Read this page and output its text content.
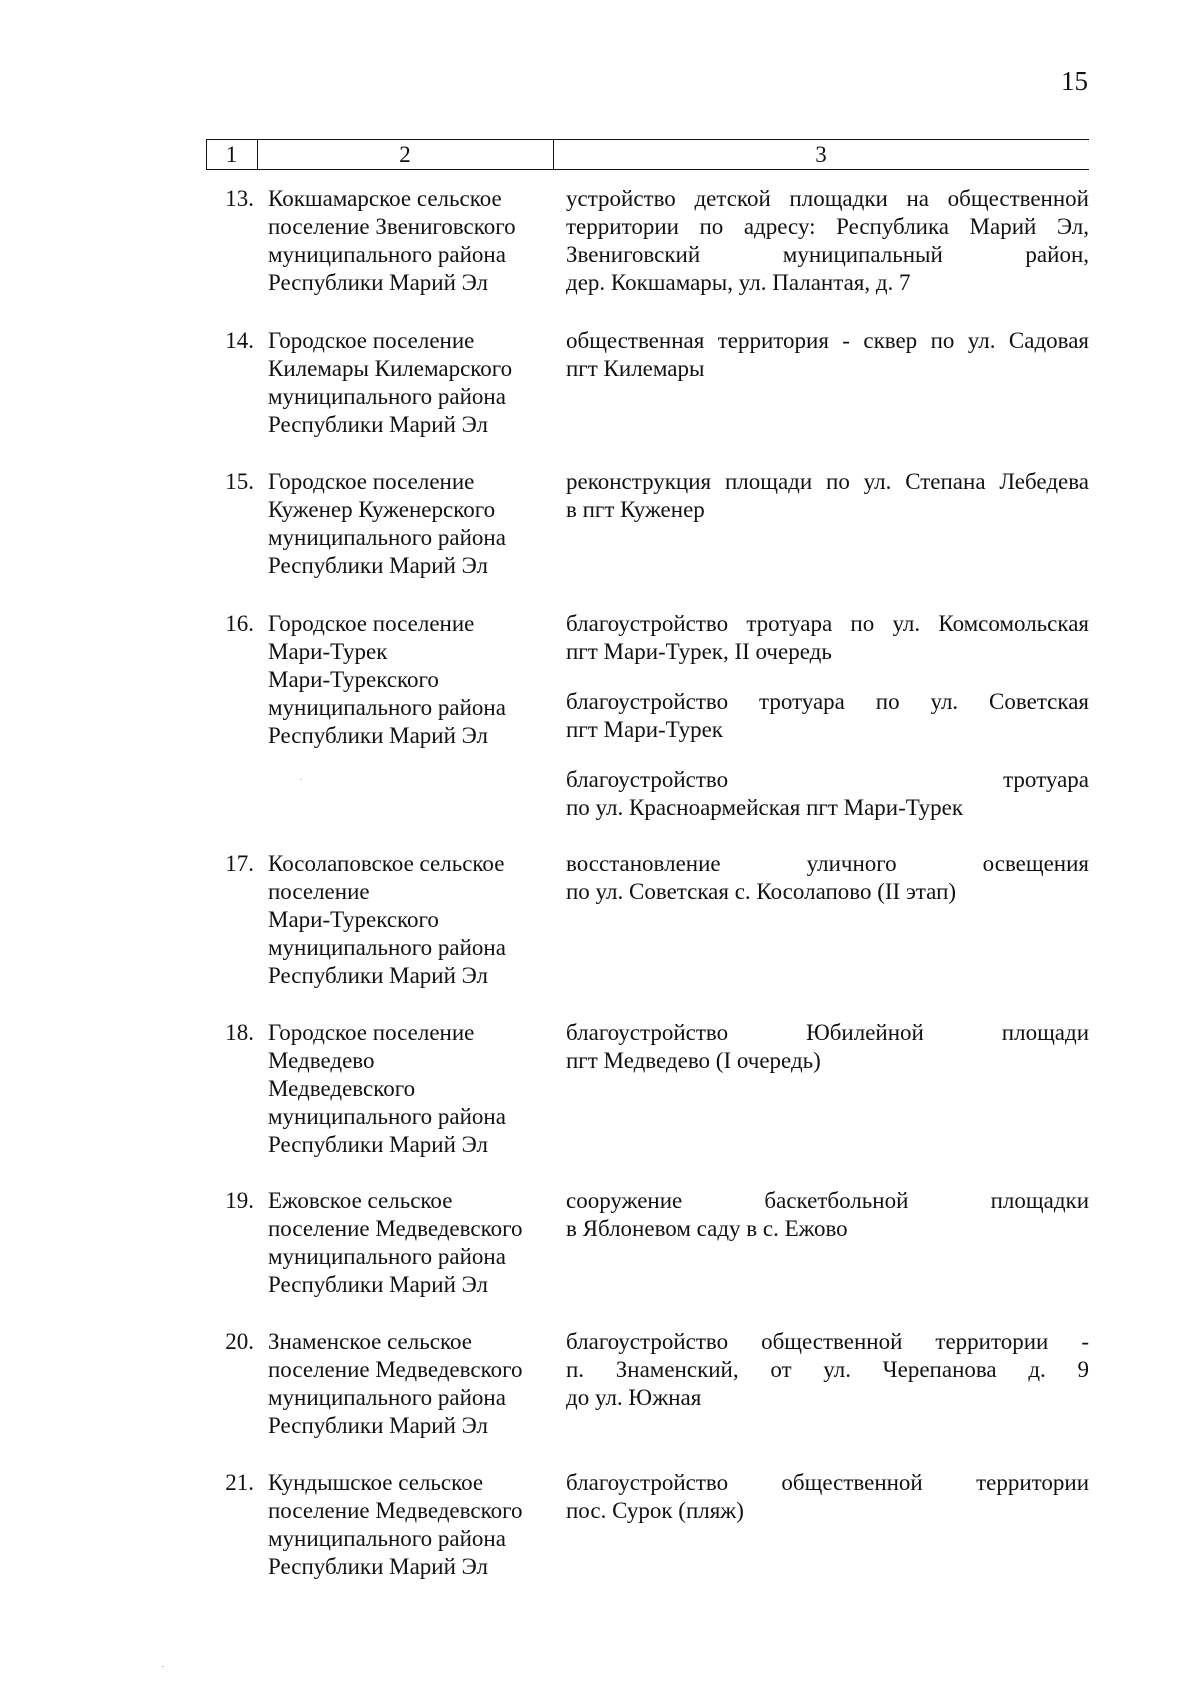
15
1	2	3
13. Кокшамарское сельское
поселение Звениговского
муниципального района
Республики Марий Эл
устройство детской площадки на общественной
территории по адресу: Республика Марий Эл,
Звениговский муниципальный район,
дер. Кокшамары, ул. Палантая, д. 7
14. Городское поселение
Килемары Килемарского
муниципального района
Республики Марий Эл
общественная территория - сквер по ул. Садовая
пгт Килемары
15. Городское поселение
Куженер Куженерского
муниципального района
Республики Марий Эл
реконструкция площади по ул. Степана Лебедева
в пгт Куженер
16. Городское поселение
Мари-Турек
Мари-Турекского
муниципального района
Республики Марий Эл
благоустройство тротуара по ул. Комсомольская
пгт Мари-Турек, II очередь
благоустройство тротуара по ул. Советская
пгт Мари-Турек
благоустройство тротуара
по ул. Красноармейская пгт Мари-Турек
17. Косолаповское сельское
поселение
Мари-Турекского
муниципального района
Республики Марий Эл
восстановление уличного освещения
по ул. Советская с. Косолапово (II этап)
18. Городское поселение
Медведево
Медведевского
муниципального района
Республики Марий Эл
благоустройство Юбилейной площади
пгт Медведево (I очередь)
19. Ежовское сельское
поселение Медведевского
муниципального района
Республики Марий Эл
сооружение баскетбольной площадки
в Яблоневом саду в с. Ежово
20. Знаменское сельское
поселение Медведевского
муниципального района
Республики Марий Эл
благоустройство общественной территории -
п. Знаменский, от ул. Черепанова д. 9
до ул. Южная
21. Кундышское сельское
поселение Медведевского
муниципального района
Республики Марий Эл
благоустройство общественной территории
пос. Сурок (пляж)
